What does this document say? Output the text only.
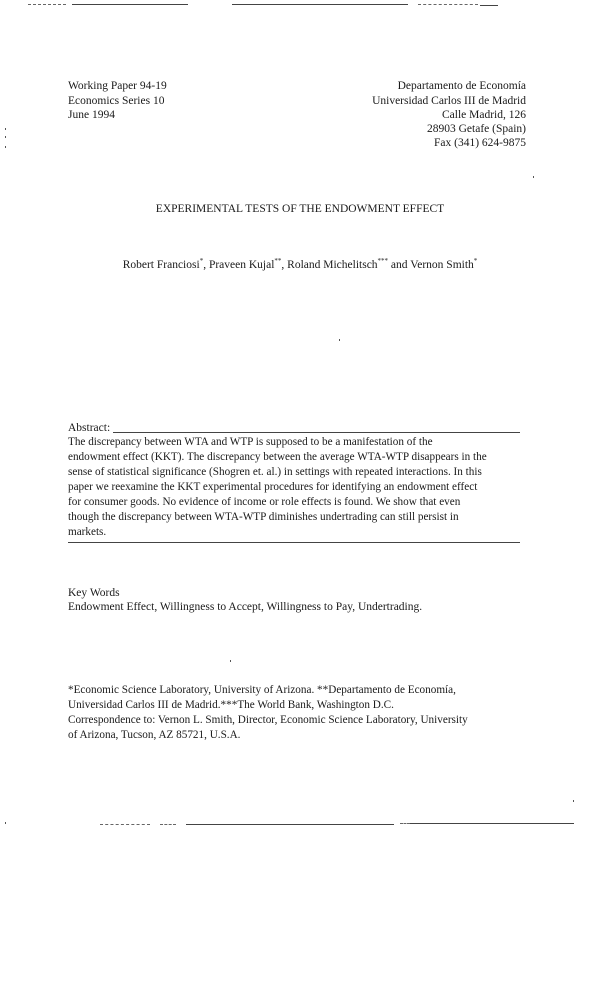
Working Paper 94-19
Economics Series 10
June 1994
Departamento de Economía
Universidad Carlos III de Madrid
Calle Madrid, 126
28903 Getafe (Spain)
Fax (341) 624-9875
EXPERIMENTAL TESTS OF THE ENDOWMENT EFFECT
Robert Franciosi*, Praveen Kujal**, Roland Michelitsch*** and Vernon Smith*
Abstract:
The discrepancy between WTA and WTP is supposed to be a manifestation of the
endowment effect (KKT). The discrepancy between the average WTA-WTP disappears in the
sense of statistical significance (Shogren et. al.) in settings with repeated interactions. In this
paper we reexamine the KKT experimental procedures for identifying an endowment effect
for consumer goods. No evidence of income or role effects is found. We show that even
though the discrepancy between WTA-WTP diminishes undertrading can still persist in
markets.
Key Words
Endowment Effect, Willingness to Accept, Willingness to Pay, Undertrading.
*Economic Science Laboratory, University of Arizona. **Departamento de Economía,
Universidad Carlos III de Madrid.***The World Bank, Washington D.C.
Correspondence to: Vernon L. Smith, Director, Economic Science Laboratory, University
of Arizona, Tucson, AZ 85721, U.S.A.
